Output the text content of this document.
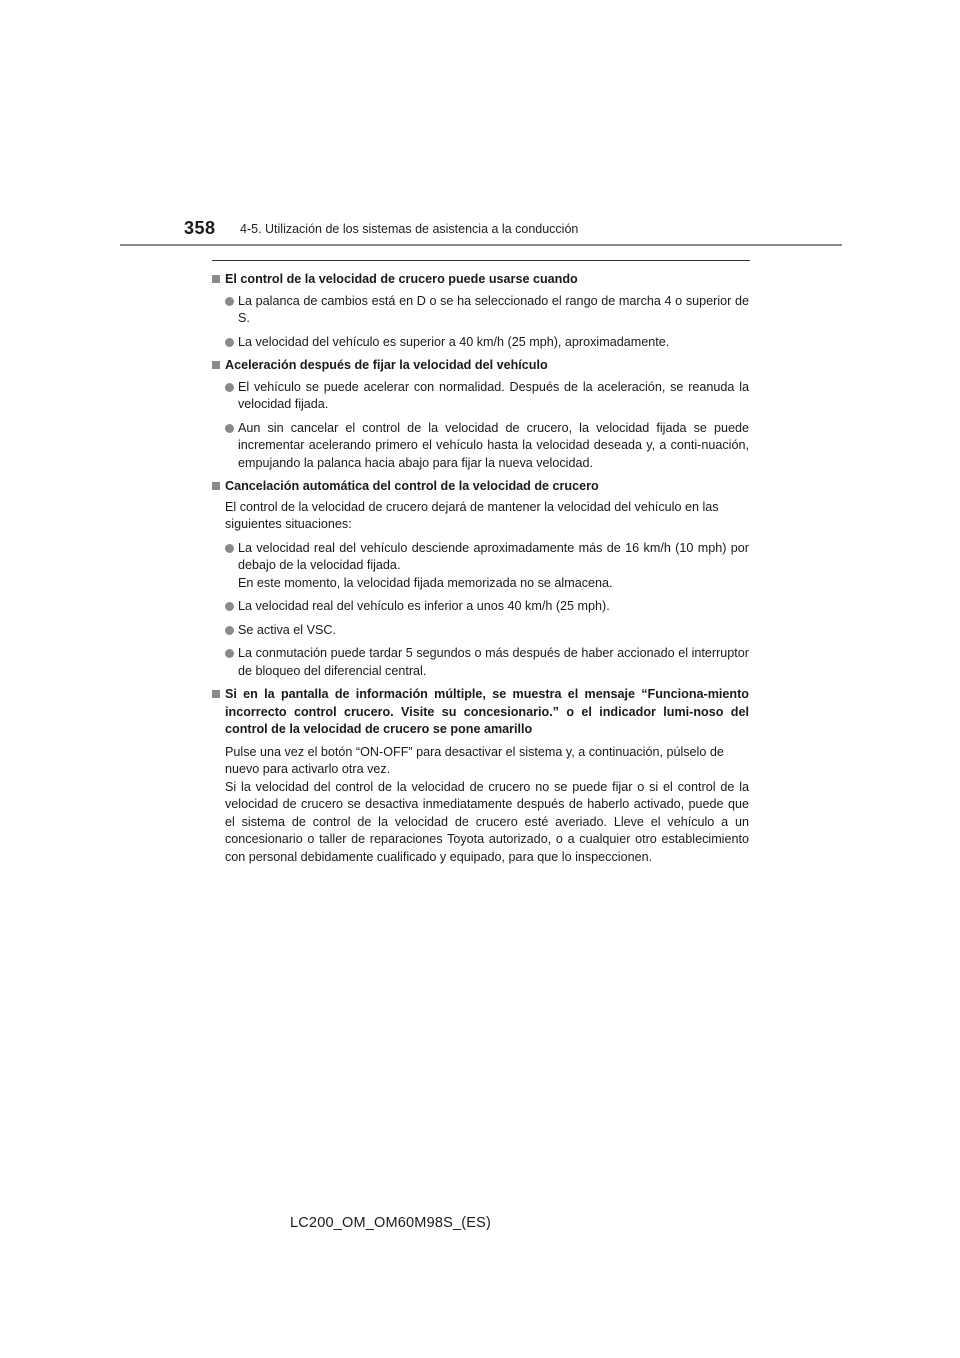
358 4-5. Utilización de los sistemas de asistencia a la conducción
El control de la velocidad de crucero puede usarse cuando
La palanca de cambios está en D o se ha seleccionado el rango de marcha 4 o superior de S.
La velocidad del vehículo es superior a 40 km/h (25 mph), aproximadamente.
Aceleración después de fijar la velocidad del vehículo
El vehículo se puede acelerar con normalidad. Después de la aceleración, se reanuda la velocidad fijada.
Aun sin cancelar el control de la velocidad de crucero, la velocidad fijada se puede incrementar acelerando primero el vehículo hasta la velocidad deseada y, a conti-nuación, empujando la palanca hacia abajo para fijar la nueva velocidad.
Cancelación automática del control de la velocidad de crucero
El control de la velocidad de crucero dejará de mantener la velocidad del vehículo en las siguientes situaciones:
La velocidad real del vehículo desciende aproximadamente más de 16 km/h (10 mph) por debajo de la velocidad fijada.
En este momento, la velocidad fijada memorizada no se almacena.
La velocidad real del vehículo es inferior a unos 40 km/h (25 mph).
Se activa el VSC.
La conmutación puede tardar 5 segundos o más después de haber accionado el interruptor de bloqueo del diferencial central.
Si en la pantalla de información múltiple, se muestra el mensaje “Funciona-miento incorrecto control crucero. Visite su concesionario.” o el indicador lumi-noso del control de la velocidad de crucero se pone amarillo
Pulse una vez el botón “ON-OFF” para desactivar el sistema y, a continuación, púlselo de nuevo para activarlo otra vez.
Si la velocidad del control de la velocidad de crucero no se puede fijar o si el control de la velocidad de crucero se desactiva inmediatamente después de haberlo activado, puede que el sistema de control de la velocidad de crucero esté averiado. Lleve el vehículo a un concesionario o taller de reparaciones Toyota autorizado, o a cualquier otro establecimiento con personal debidamente cualificado y equipado, para que lo inspeccionen.
LC200_OM_OM60M98S_(ES)
